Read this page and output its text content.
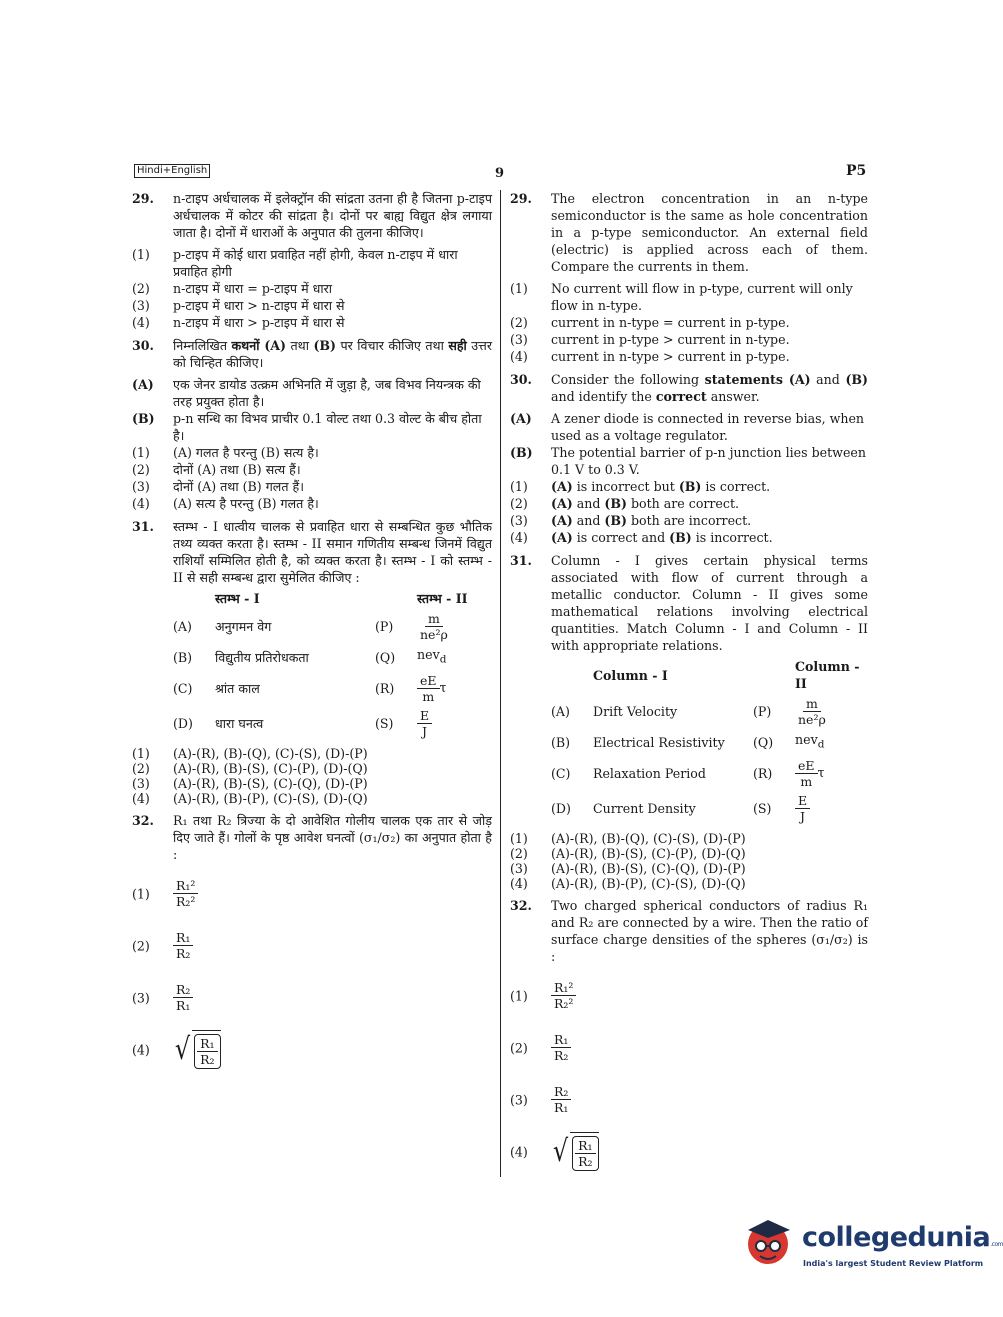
Hindi+English	9	P5
29. n-टाइप अर्धचालक में इलेक्ट्रॉन की सांद्रता उतना ही है जितना p-टाइप अर्धचालक में कोटर की सांद्रता है। दोनों पर बाह्य विद्युत क्षेत्र लगाया जाता है। दोनों में धाराओं के अनुपात की तुलना कीजिए।
(1) p-टाइप में कोई धारा प्रवाहित नहीं होगी, केवल n-टाइप में धारा प्रवाहित होगी
(2) n-टाइप में धारा = p-टाइप में धारा
(3) p-टाइप में धारा > n-टाइप में धारा से
(4) n-टाइप में धारा > p-टाइप में धारा से
30. निम्नलिखित कथनों (A) तथा (B) पर विचार कीजिए तथा सही उत्तर को चिन्हित कीजिए।
(A) एक जेनर डायोड उत्क्रम अभिनति में जुड़ा है, जब विभव नियन्त्रक की तरह प्रयुक्त होता है।
(B) p-n सन्धि का विभव प्राचीर 0.1 वोल्ट तथा 0.3 वोल्ट के बीच होता है।
(1) (A) गलत है परन्तु (B) सत्य है।
(2) दोनों (A) तथा (B) सत्य हैं।
(3) दोनों (A) तथा (B) गलत हैं।
(4) (A) सत्य है परन्तु (B) गलत है।
31. स्तम्भ - I धात्वीय चालक से प्रवाहित धारा से सम्बन्धित कुछ भौतिक तथ्य व्यक्त करता है। स्तम्भ - II समान गणितीय सम्बन्ध जिनमें विद्युत राशियाँ सम्मिलित होती है, को व्यक्त करता है। स्तम्भ - I को स्तम्भ - II से सही सम्बन्ध द्वारा सुमेलित कीजिए :
	स्तम्भ - I		स्तम्भ - II
(A)	अनुगमन वेग	(P)	$\frac{m}{\text{ne²ρ}}$

(B)	विद्युतीय प्रतिरोधकता	(Q)	nev$_d$
(C)	श्रांत काल	(R)	$\frac{eE}{m}$ τ
(D)	धारा घनत्व	(S)	$\frac{E}{J}$
(1) (A)-(R), (B)-(Q), (C)-(S), (D)-(P)
(2) (A)-(R), (B)-(S), (C)-(P), (D)-(Q)
(3) (A)-(R), (B)-(S), (C)-(Q), (D)-(P)
(4) (A)-(R), (B)-(P), (C)-(S), (D)-(Q)
32. R₁ तथा R₂ त्रिज्या के दो आवेशित गोलीय चालक एक तार से जोड़ दिए जाते हैं। गोलों के पृष्ठ आवेश घनत्वों (σ₁/σ₂) का अनुपात होता है :
$(1) \frac{\text{R₁²}}{\text{R₂²}}$
$(2) \frac{\text{R₁}}{\text{R₂}}$
$(3) \frac{\text{R₂}}{\text{R₁}}$
(4) √ $\frac{\text{R₁}}{\text{R₂}}$
29. The electron concentration in an n-type semiconductor is the same as hole concentration in a p-type semiconductor. An external field (electric) is applied across each of them. Compare the currents in them.
(1) No current will flow in p-type, current will only flow in n-type.
(2) current in n-type = current in p-type.
(3) current in p-type > current in n-type.
(4) current in n-type > current in p-type.
30. Consider the following statements (A) and (B) and identify the correct answer.
(A) A zener diode is connected in reverse bias, when used as a voltage regulator.
(B) The potential barrier of p-n junction lies between 0.1 V to 0.3 V.
(1) (A) is incorrect but (B) is correct.
(2) (A) and (B) both are correct.
(3) (A) and (B) both are incorrect.
(4) (A) is correct and (B) is incorrect.
31. Column - I gives certain physical terms associated with flow of current through a metallic conductor. Column - II gives some mathematical relations involving electrical quantities. Match Column - I and Column - II with appropriate relations.
	Column - I		Column - II
(A)	Drift Velocity	(P)	$\frac{m}{\text{ne²ρ}}$

(B)	Electrical Resistivity	(Q)	nev$_d$
(C)	Relaxation Period	(R)	$\frac{eE}{m}$ τ
(D)	Current Density	(S)	$\frac{E}{J}$
(1) (A)-(R), (B)-(Q), (C)-(S), (D)-(P)
(2) (A)-(R), (B)-(S), (C)-(P), (D)-(Q)
(3) (A)-(R), (B)-(S), (C)-(Q), (D)-(P)
(4) (A)-(R), (B)-(P), (C)-(S), (D)-(Q)
32. Two charged spherical conductors of radius R₁ and R₂ are connected by a wire. Then the ratio of surface charge densities of the spheres (σ₁/σ₂) is :
$(1) \frac{\text{R₁²}}{\text{R₂²}}$
$(2) \frac{\text{R₁}}{\text{R₂}}$
$(3) \frac{\text{R₂}}{\text{R₁}}$
(4) √ $\frac{\text{R₁}}{\text{R₂}}$
collegedunia.com
India's largest Student Review Platform
